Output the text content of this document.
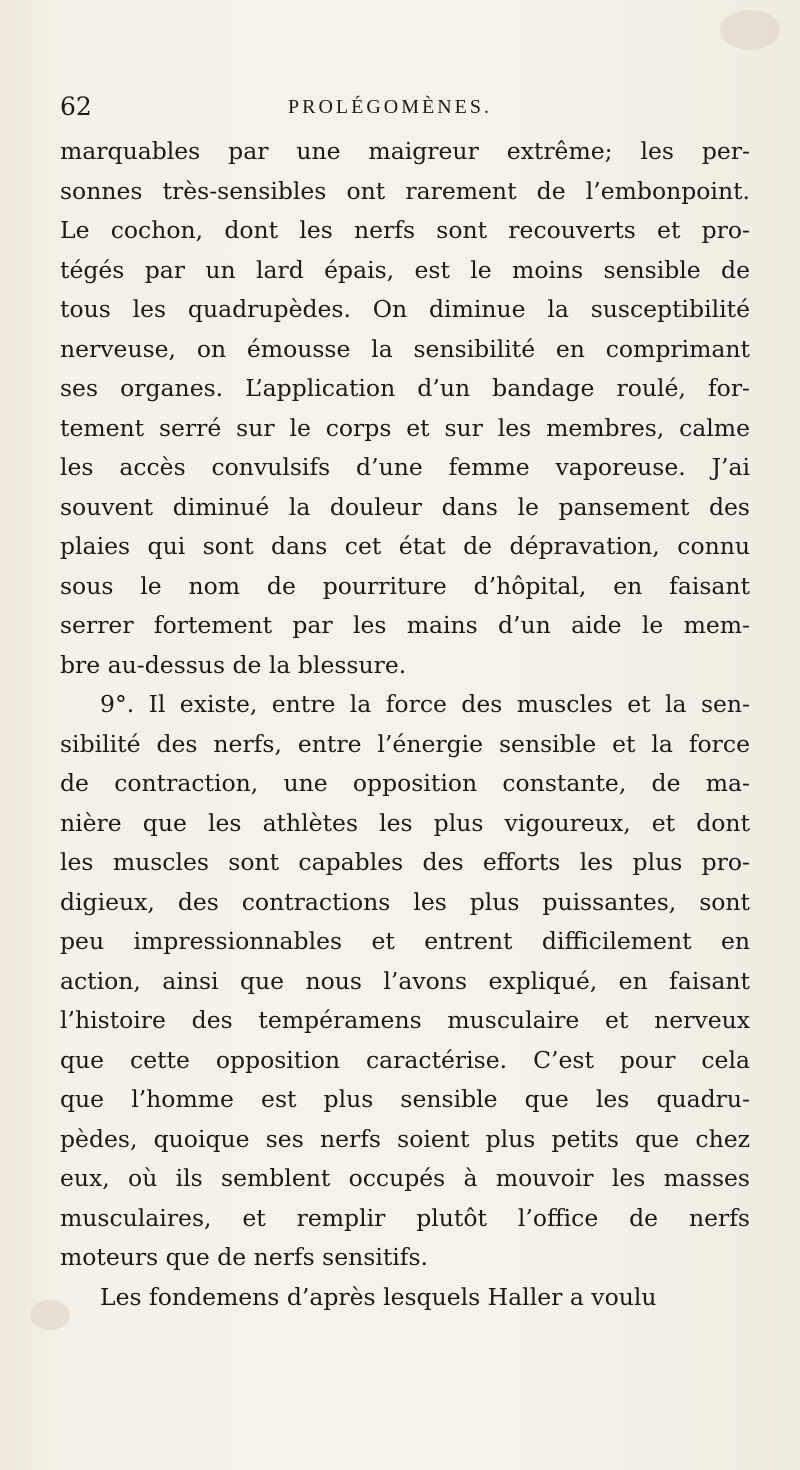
62	PROLÉGOMÈNES.
marquables par une maigreur extrême; les per-
sonnes très-sensibles ont rarement de l’embonpoint.
Le cochon, dont les nerfs sont recouverts et pro-
tégés par un lard épais, est le moins sensible de
tous les quadrupèdes. On diminue la susceptibilité
nerveuse, on émousse la sensibilité en comprimant
ses organes. L’application d’un bandage roulé, for-
tement serré sur le corps et sur les membres, calme
les accès convulsifs d’une femme vaporeuse. J’ai
souvent diminué la douleur dans le pansement des
plaies qui sont dans cet état de dépravation, connu
sous le nom de pourriture d’hôpital, en faisant
serrer fortement par les mains d’un aide le mem-
bre au-dessus de la blessure.
9°. Il existe, entre la force des muscles et la sen-
sibilité des nerfs, entre l’énergie sensible et la force
de contraction, une opposition constante, de ma-
nière que les athlètes les plus vigoureux, et dont
les muscles sont capables des efforts les plus pro-
digieux, des contractions les plus puissantes, sont
peu impressionnables et entrent difficilement en
action, ainsi que nous l’avons expliqué, en faisant
l’histoire des tempéramens musculaire et nerveux
que cette opposition caractérise. C’est pour cela
que l’homme est plus sensible que les quadru-
pèdes, quoique ses nerfs soient plus petits que chez
eux, où ils semblent occupés à mouvoir les masses
musculaires, et remplir plutôt l’office de nerfs
moteurs que de nerfs sensitifs.
Les fondemens d’après lesquels Haller a voulu
